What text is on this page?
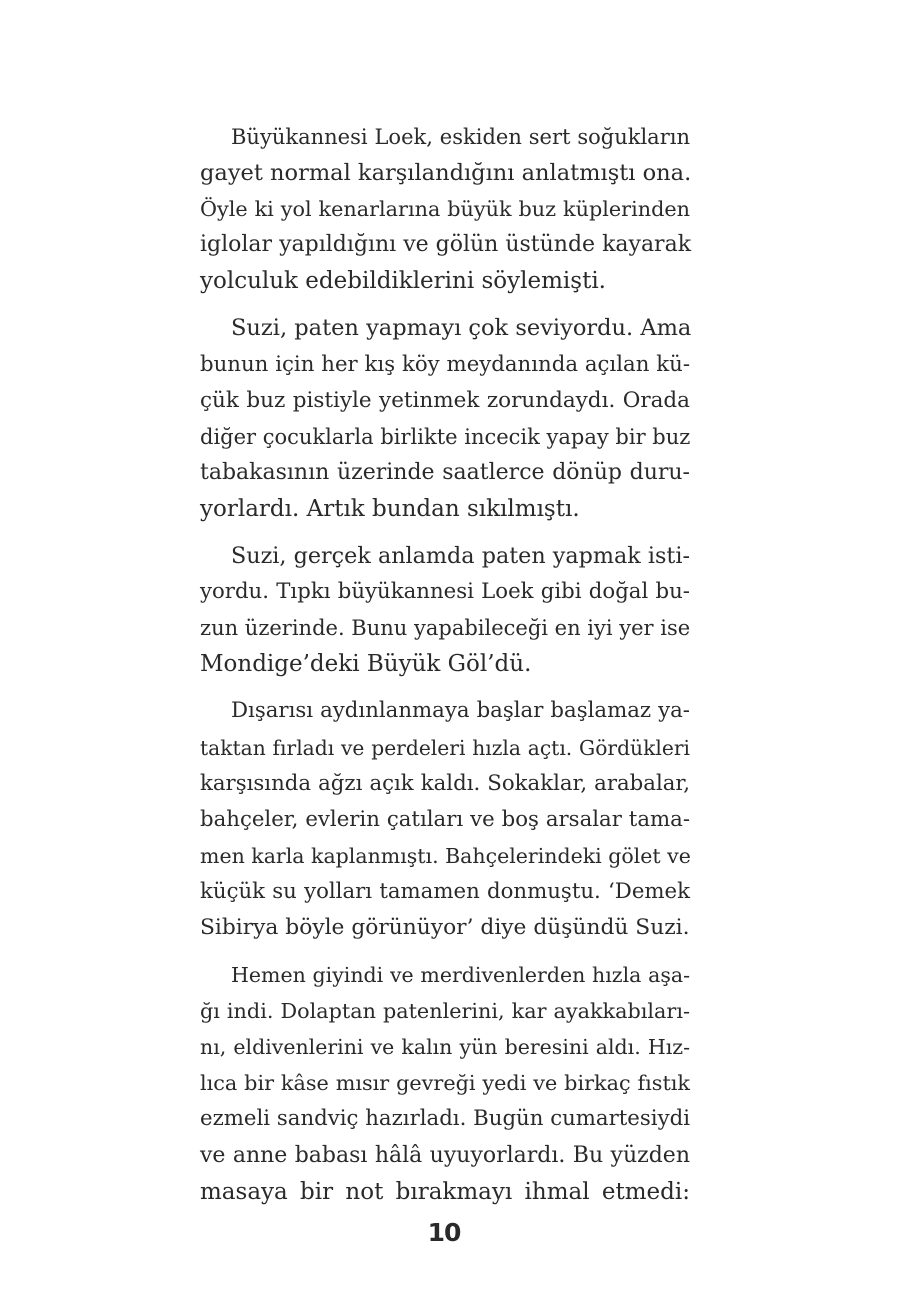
Büyükannesi Loek, eskiden sert soğukların
gayet normal karşılandığını anlatmıştı ona.
Öyle ki yol kenarlarına büyük buz küplerinden
iglolar yapıldığını ve gölün üstünde kayarak
yolculuk edebildiklerini söylemişti.
Suzi, paten yapmayı çok seviyordu. Ama
bunun için her kış köy meydanında açılan kü-
çük buz pistiyle yetinmek zorundaydı. Orada
diğer çocuklarla birlikte incecik yapay bir buz
tabakasının üzerinde saatlerce dönüp duru-
yorlardı. Artık bundan sıkılmıştı.
Suzi, gerçek anlamda paten yapmak isti-
yordu. Tıpkı büyükannesi Loek gibi doğal bu-
zun üzerinde. Bunu yapabileceği en iyi yer ise
Mondige’deki Büyük Göl’dü.
Dışarısı aydınlanmaya başlar başlamaz ya-
taktan fırladı ve perdeleri hızla açtı. Gördükleri
karşısında ağzı açık kaldı. Sokaklar, arabalar,
bahçeler, evlerin çatıları ve boş arsalar tama-
men karla kaplanmıştı. Bahçelerindeki gölet ve
küçük su yolları tamamen donmuştu. ‘Demek
Sibirya böyle görünüyor’ diye düşündü Suzi.
Hemen giyindi ve merdivenlerden hızla aşa-
ğı indi. Dolaptan patenlerini, kar ayakkabıları-
nı, eldivenlerini ve kalın yün beresini aldı. Hız-
lıca bir kâse mısır gevreği yedi ve birkaç fıstık
ezmeli sandviç hazırladı. Bugün cumartesiydi
ve anne babası hâlâ uyuyorlardı. Bu yüzden
masaya bir not bırakmayı ihmal etmedi:
10
